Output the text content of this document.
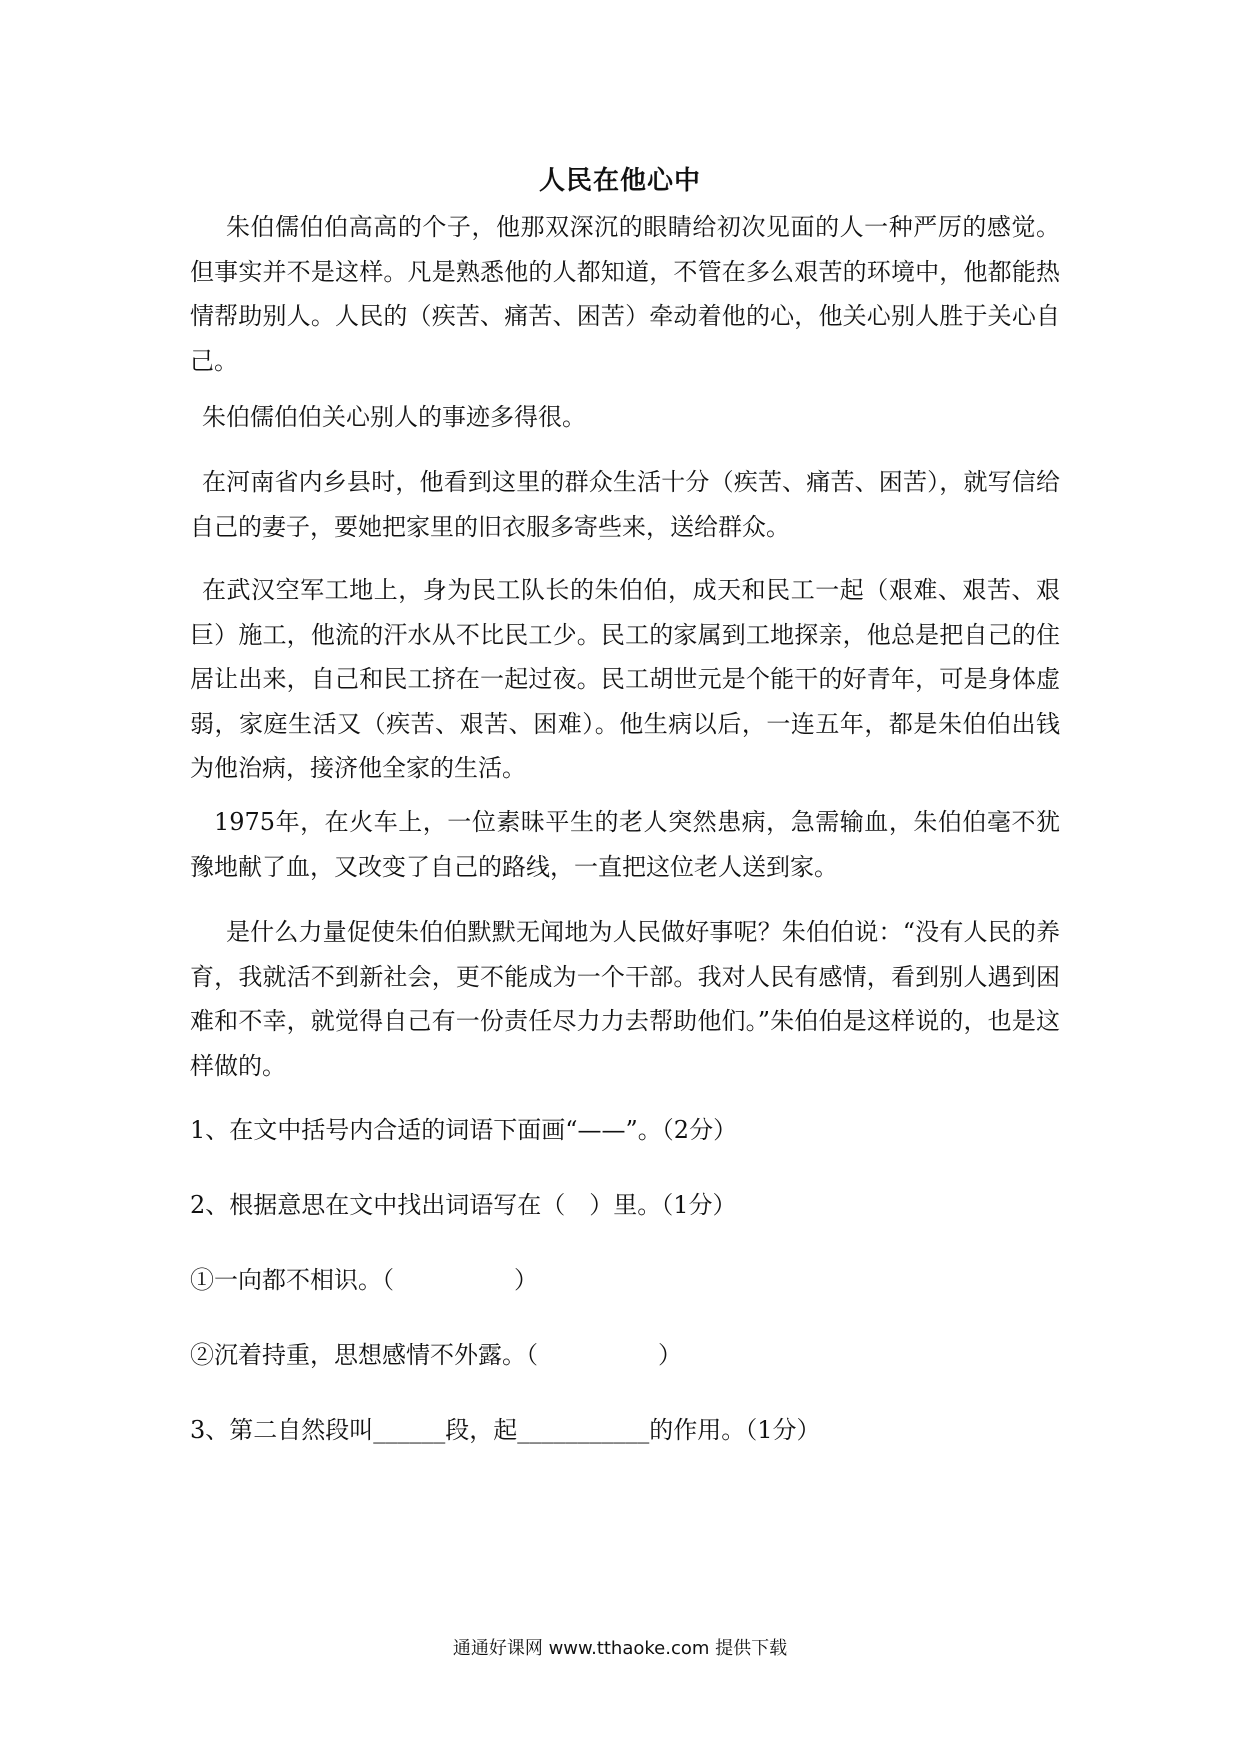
人民在他心中

朱伯儒伯伯高高的个子，他那双深沉的眼睛给初次见面的人一种严厉的感觉。但事实并不是这样。凡是熟悉他的人都知道，不管在多么艰苦的环境中，他都能热情帮助别人。人民的（疾苦、痛苦、困苦）牵动着他的心，他关心别人胜于关心自己。

朱伯儒伯伯关心别人的事迹多得很。

在河南省内乡县时，他看到这里的群众生活十分（疾苦、痛苦、困苦），就写信给自己的妻子，要她把家里的旧衣服多寄些来，送给群众。

在武汉空军工地上，身为民工队长的朱伯伯，成天和民工一起（艰难、艰苦、艰巨）施工，他流的汗水从不比民工少。民工的家属到工地探亲，他总是把自己的住居让出来，自己和民工挤在一起过夜。民工胡世元是个能干的好青年，可是身体虚弱，家庭生活又（疾苦、艰苦、困难）。他生病以后，一连五年，都是朱伯伯出钱为他治病，接济他全家的生活。

1975年，在火车上，一位素昧平生的老人突然患病，急需输血，朱伯伯毫不犹豫地献了血，又改变了自己的路线，一直把这位老人送到家。

是什么力量促使朱伯伯默默无闻地为人民做好事呢？朱伯伯说：“没有人民的养育，我就活不到新社会，更不能成为一个干部。我对人民有感情，看到别人遇到困难和不幸，就觉得自己有一份责任尽力力去帮助他们。”朱伯伯是这样说的，也是这样做的。

1、在文中括号内合适的词语下面画“——”。（2分）

2、根据意思在文中找出词语写在（　）里。（1分）

①一向都不相识。（　　　　　）

②沉着持重，思想感情不外露。（　　　　　）

3、第二自然段叫______段，起___________的作用。（1分）

通通好课网 www.tthaoke.com 提供下载
